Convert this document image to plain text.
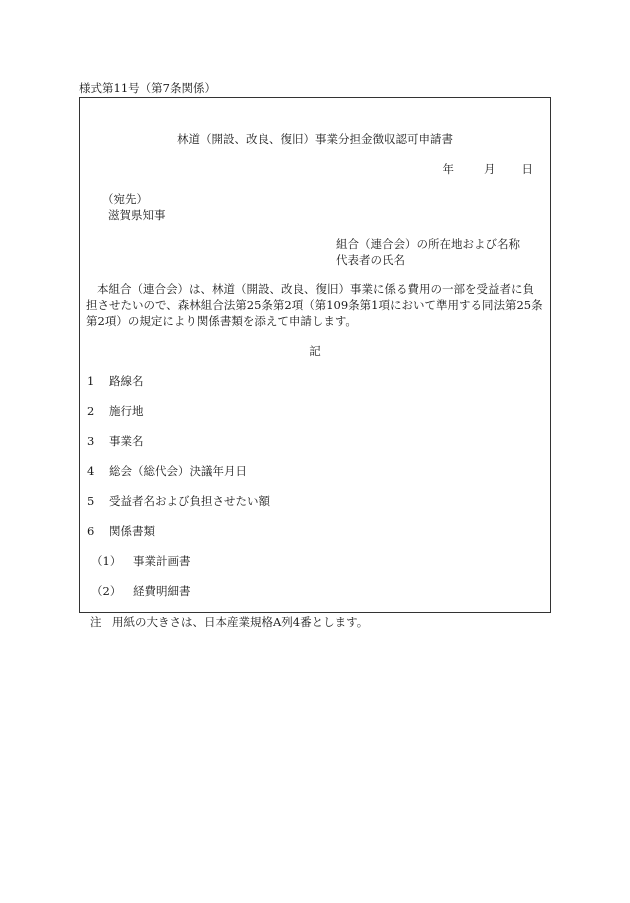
様式第11号（第7条関係）
林道（開設、改良、復旧）事業分担金徴収認可申請書
年	月 日
（宛先）
滋賀県知事
組合（連合会）の所在地および名称
代表者の氏名
本組合（連合会）は、林道（開設、改良、復旧）事業に係る費用の一部を受益者に負担させたいので、森林組合法第25条第2項（第109条第1項において準用する同法第25条第2項）の規定により関係書類を添えて申請します。
記
1 路線名
2 施行地
3 事業名
4 総会（総代会）決議年月日
5 受益者名および負担させたい額
6 関係書類
（1） 事業計画書
（2） 経費明細書
注 用紙の大きさは、日本産業規格A列4番とします。
